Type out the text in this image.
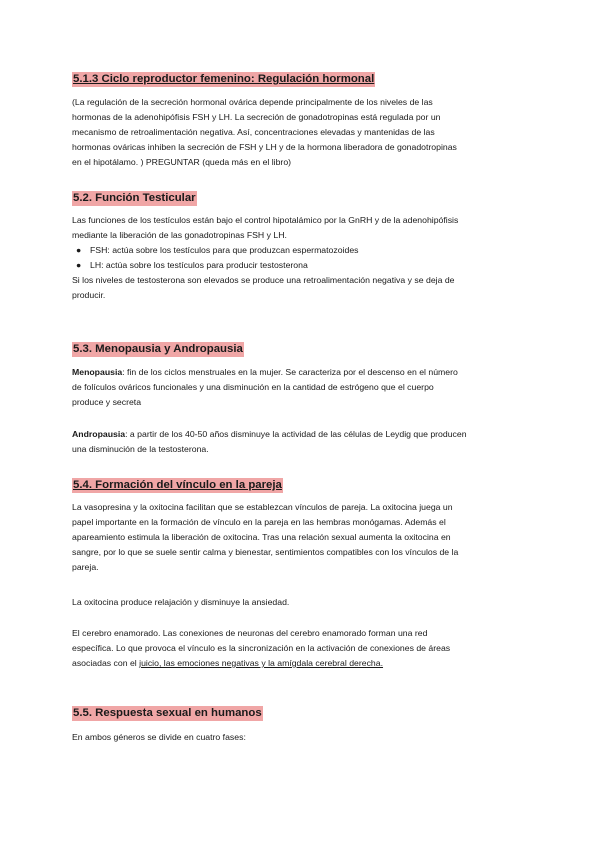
5.1.3 Ciclo reproductor femenino: Regulación hormonal
(La regulación de la secreción hormonal ovárica depende principalmente de los niveles de las
hormonas de la adenohipófisis FSH y LH. La secreción de gonadotropinas está regulada por un
mecanismo de retroalimentación negativa. Así, concentraciones elevadas y mantenidas de las
hormonas ováricas inhiben la secreción de FSH y LH y de la hormona liberadora de gonadotropinas
en el hipotálamo. ) PREGUNTAR (queda más en el libro)
5.2. Función Testicular
Las funciones de los testículos están bajo el control hipotalámico por la GnRH y de la adenohipófisis
mediante la liberación de las gonadotropinas FSH y LH.
● FSH: actúa sobre los testículos para que produzcan espermatozoides
● LH: actúa sobre los testículos para producir testosterona
Si los niveles de testosterona son elevados se produce una retroalimentación negativa y se deja de
producir.
5.3. Menopausia y Andropausia
Menopausia: fin de los ciclos menstruales en la mujer. Se caracteriza por el descenso en el número
de folículos ováricos funcionales y una disminución en la cantidad de estrógeno que el cuerpo
produce y secreta
Andropausia: a partir de los 40-50 años disminuye la actividad de las células de Leydig que producen
una disminución de la testosterona.
5.4. Formación del vínculo en la pareja
La vasopresina y la oxitocina facilitan que se establezcan vínculos de pareja. La oxitocina juega un
papel importante en la formación de vínculo en la pareja en las hembras monógamas. Además el
apareamiento estimula la liberación de oxitocina. Tras una relación sexual aumenta la oxitocina en
sangre, por lo que se suele sentir calma y bienestar, sentimientos compatibles con los vínculos de la
pareja.
La oxitocina produce relajación y disminuye la ansiedad.
El cerebro enamorado. Las conexiones de neuronas del cerebro enamorado forman una red
específica. Lo que provoca el vínculo es la sincronización en la activación de conexiones de áreas
asociadas con el juicio, las emociones negativas y la amígdala cerebral derecha.
5.5. Respuesta sexual en humanos
En ambos géneros se divide en cuatro fases:
